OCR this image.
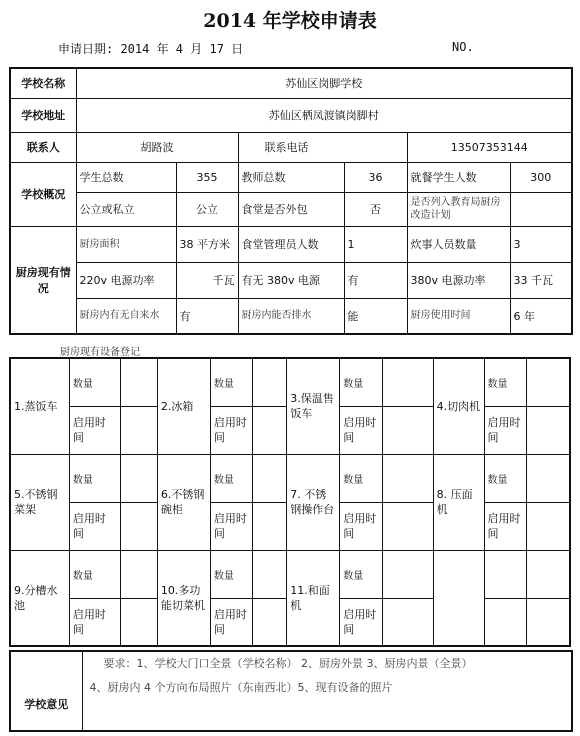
2014 年学校申请表
申请日期: 2014 年 4 月 17 日	NO.
学校名称	苏仙区岗脚学校					
学校地址	苏仙区栖凤渡镇岗脚村					
联系人	胡路波		联系电话		13507353144	
学校概况	学生总数	355	教师总数	36	就餐学生人数	300
	公立或私立	公立	食堂是否外包	否	是否列入教育局厨房改造计划	
厨房现有情况	厨房面积	38 平方米	食堂管理员人数	1	炊事人员数量	3
	220v 电源功率	千瓦	有无 380v 电源	有	380v 电源功率	33 千瓦
	厨房内有无自来水	有	厨房内能否排水	能	厨房使用时间	6 年
厨房现有设备登记
1.蒸饭车	数量		2.冰箱	数量		3.保温售饭车	数量		4.切肉机	数量	
	启用时间			启用时间			启用时间			启用时间	
5.不锈钢菜架	数量		6.不锈钢碗柜	数量		7. 不锈钢操作台	数量		8. 压面机	数量	
	启用时间			启用时间			启用时间			启用时间	
9.分槽水池	数量		10.多功能切菜机	数量		11.和面机	数量				
	启用时间			启用时间			启用时间				
学校意见	
要求：1、学校大门口全景（学校名称） 2、厨房外景 3、厨房内景（全景）
4、厨房内 4 个方向布局照片（东南西北）5、现有设备的照片
